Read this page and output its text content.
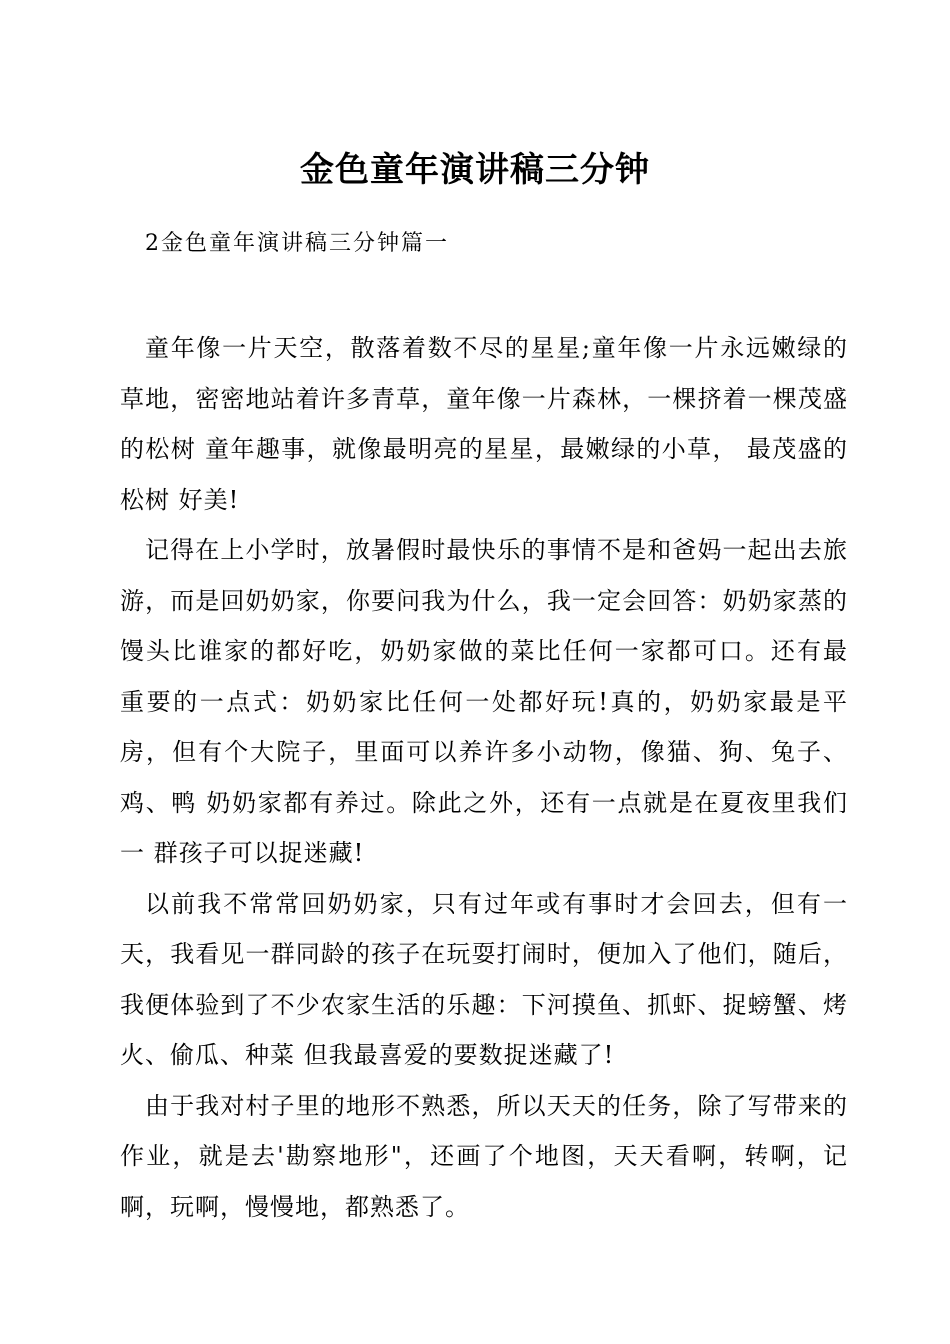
金色童年演讲稿三分钟

2金色童年演讲稿三分钟篇一

童年像一片天空，散落着数不尽的星星;童年像一片永远嫩绿的草地，密密地站着许多青草，童年像一片森林，一棵挤着一棵茂盛的松树 童年趣事，就像最明亮的星星，最嫩绿的小草， 最茂盛的松树 好美!

记得在上小学时，放暑假时最快乐的事情不是和爸妈一起出去旅游，而是回奶奶家，你要问我为什么，我一定会回答：奶奶家蒸的馒头比谁家的都好吃，奶奶家做的菜比任何一家都可口。还有最 重要的一点式：奶奶家比任何一处都好玩!真的，奶奶家最是平房，但有个大院子，里面可以养许多小动物，像猫、狗、兔子、鸡、鸭 奶奶家都有养过。除此之外，还有一点就是在夏夜里我们一 群孩子可以捉迷藏!

以前我不常常回奶奶家，只有过年或有事时才会回去，但有一天，我看见一群同龄的孩子在玩耍打闹时，便加入了他们，随后，我便体验到了不少农家生活的乐趣：下河摸鱼、抓虾、捉螃蟹、烤 火、偷瓜、种菜 但我最喜爱的要数捉迷藏了!

由于我对村子里的地形不熟悉，所以天天的任务，除了写带来的作业，就是去'勘察地形"，还画了个地图，天天看啊，转啊，记啊，玩啊，慢慢地，都熟悉了。
